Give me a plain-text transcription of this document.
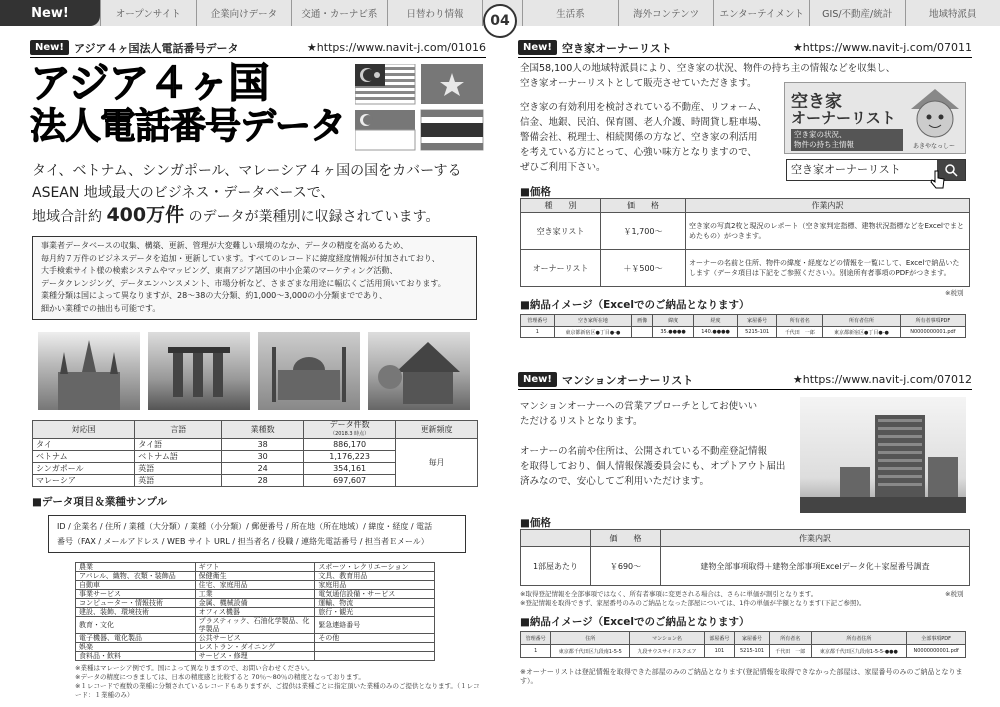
New!	オープンサイト	企業向けデータ	交通・カーナビ系	日替わり情報	生活系	海外コンテンツ	エンターテイメント	GIS/不動産/統計	地域特派員
04
New! アジア４ヶ国法人電話番号データ	★https://www.navit-j.com/01016
アジア４ヶ国
法人電話番号データ
タイ、ベトナム、シンガポール、マレーシア４ヶ国の国をカバーする
ASEAN 地域最大のビジネス・データベースで、
地域合計約 400万件 のデータが業種別に収録されています。
事業者データベースの収集、構築、更新、管理が大変難しい環境のなか、データの精度を高めるため、
毎月約７万件のビジネスデータを追加・更新しています。すべてのレコードに緯度経度情報が付加されており、
大手検索サイト様の検索システムやマッピング、東南アジア諸国の中小企業のマーケティング活動、
データクレンジング、データエンハンスメント、市場分析など、さまざまな用途に幅広くご活用頂いております。
業種分類は国によって異なりますが、28～38の大分類、約1,000～3,000の小分類までであり、
細かい業種での抽出も可能です。
対応国	言語	業種数	データ件数
（2018.3 時点）	更新頻度
タイ	タイ語	38	886,170	毎月
ベトナム	ベトナム語	30	1,176,223	
シンガポール	英語	24	354,161	
マレーシア	英語	28	697,607	
■データ項目＆業種サンプル
ID / 企業名 / 住所 / 業種（大分類）/ 業種（小分類）/ 郵便番号 / 所在地（所在地域）/ 緯度・経度 / 電話
番号（FAX / メールアドレス / WEB サイト URL / 担当者名 / 役職 / 連絡先電話番号 / 担当者Ｅメール）
農業	ギフト	スポーツ・レクリエーション
アパレル、織物、衣類・装飾品	保健衛生	文具、教育用品
自動車	住宅、家庭用品	家庭用品
事業サービス	工業	電気通信設備・サービス
コンピューター・情報技術	金属、機械設備	運輸、物流
建設、装飾、環境技術	オフィス機器	旅行・観光
教育・文化	プラスティック、石油化学製品、化学製品	緊急連絡番号
電子機器、電化製品	公共サービス	その他
娯楽	レストラン・ダイニング	
食料品・飲料	サービス・修理	
※業種はマレーシア例です。国によって異なりますので、お問い合わせください。
※データの精度につきましては、日本の精度感と比較すると 70％～80％の精度となっております。
※１レコードで複数の業種に分類されているレコードもありますが、ご提供は業種ごとに指定頂いた業種のみのご提供となります。（１レコード：１業種のみ）
New! 空き家オーナーリスト	★https://www.navit-j.com/07011
全国58,100人の地域特派員により、空き家の状況、物件の持ち主の情報などを収集し、
空き家オーナーリストとして販売させていただきます。
空き家の有効利用を検討されている不動産、リフォーム、
信金、地銀、民泊、保育園、老人介護、時間貸し駐車場、
警備会社、税理士、相続関係の方など、空き家の利活用
を考えている方にとって、心強い味方となりますので、
ぜひご利用下さい。
空き家
オーナーリスト
空き家の状況、
物件の持ち主情報	あきやなっしー
空き家オーナーリスト
■価格
種　　別	価　　格	作業内訳
空き家リスト	￥1,700～	空き家の写真2枚と現況のレポート（空き家判定指標、建物状況指標などをExcelでまとめたもの）がつきます。
オーナーリスト	＋￥500～	オーナーの名前と住所、物件の緯度・経度などの情報を一覧にして、Excelで納品いたします（データ項目は下記をご参照ください）。別途所有者事項のPDFがつきます。
※税別
■納品イメージ（Excelでのご納品となります）
管理番号	空き家所在地	画像	緯度	経度	家屋番号	所有者名	所有者住所	所有者事項PDF
1	東京都新宿区●丁目●-●		35.●●●●	140.●●●●	5215-101	千代田　一郎	東京都新宿区●丁目●-●	N0000000001.pdf
New! マンションオーナーリスト	★https://www.navit-j.com/07012
マンションオーナーへの営業アプローチとしてお使いい
ただけるリストとなります。
オーナーの名前や住所は、公開されている不動産登記情報
を取得しており、個人情報保護委員会にも、オプトアウト届出
済みなので、安心してご利用いただけます。
■価格
	価　　格	作業内訳
1部屋あたり	￥690～	建物全部事項取得＋建物全部事項Excelデータ化＋家屋番号調査
※税別
※取得登記情報を全部事項ではなく、所有者事項に変更される場合は、さらに単価が割引となります。
※登記情報を取得できず、家屋番号のみのご納品となった部屋については、1件の単価が半額となります(下記ご参照)。
■納品イメージ（Excelでのご納品となります）
管理番号	住所	マンション名	部屋番号	家屋番号	所有者名	所有者住所	全部事項PDF
1	東京都千代田区九段南1-5-5	九段サウスサイドスクエア	101	5215-101	千代田　一郎	東京都千代田区九段南1-5-5-●●●	N0000000001.pdf
※オーナーリストは登記情報を取得できた部屋のみのご納品となります(登記情報を取得できなかった部屋は、家屋番号のみのご納品となります）。
